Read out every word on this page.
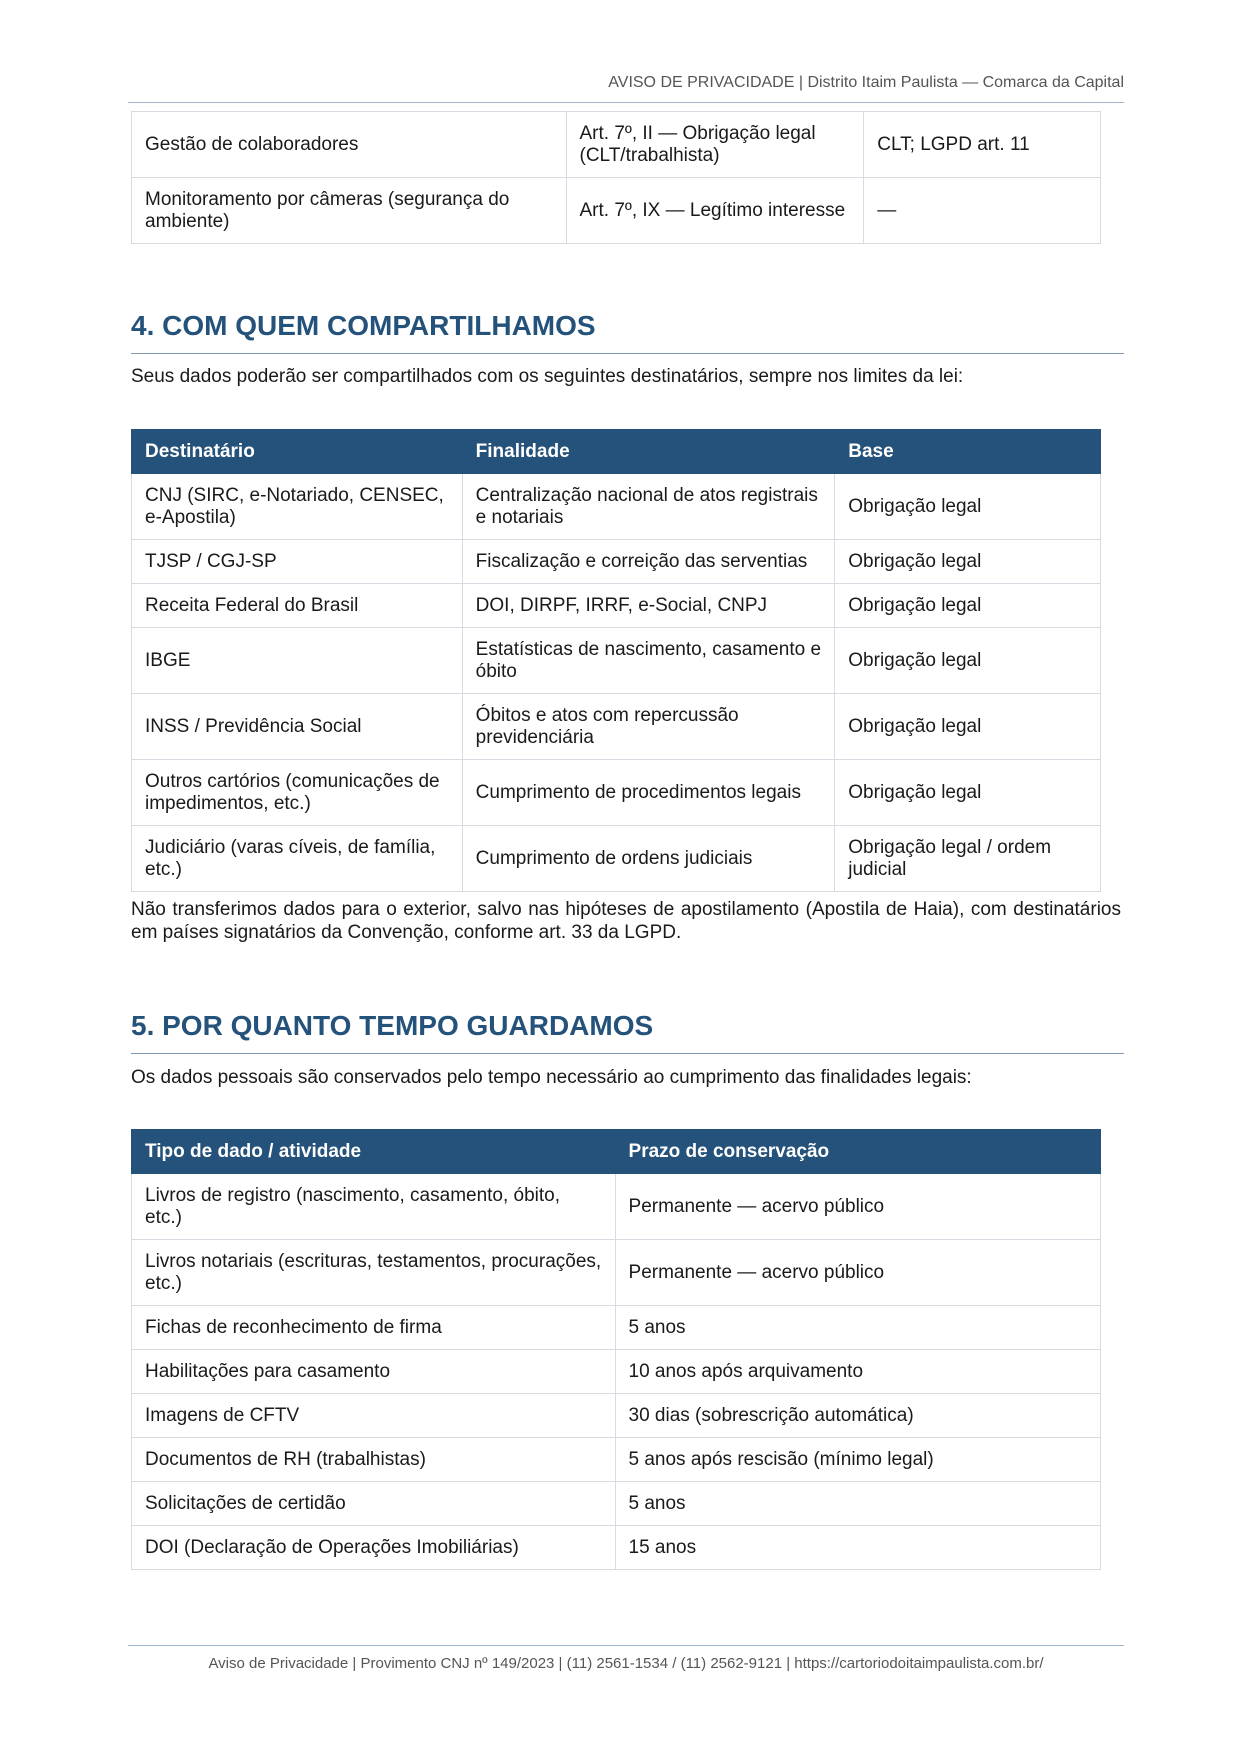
AVISO DE PRIVACIDADE | Distrito Itaim Paulista — Comarca da Capital
Gestão de colaboradores	Art. 7º, II — Obrigação legal (CLT/trabalhista)	CLT; LGPD art. 11
Monitoramento por câmeras (segurança do ambiente)	Art. 7º, IX — Legítimo interesse	—
4. COM QUEM COMPARTILHAMOS
Seus dados poderão ser compartilhados com os seguintes destinatários, sempre nos limites da lei:
Destinatário	Finalidade	Base
CNJ (SIRC, e-Notariado, CENSEC, e-Apostila)	Centralização nacional de atos registrais e notariais	Obrigação legal
TJSP / CGJ-SP	Fiscalização e correição das serventias	Obrigação legal
Receita Federal do Brasil	DOI, DIRPF, IRRF, e-Social, CNPJ	Obrigação legal
IBGE	Estatísticas de nascimento, casamento e óbito	Obrigação legal
INSS / Previdência Social	Óbitos e atos com repercussão previdenciária	Obrigação legal
Outros cartórios (comunicações de impedimentos, etc.)	Cumprimento de procedimentos legais	Obrigação legal
Judiciário (varas cíveis, de família, etc.)	Cumprimento de ordens judiciais	Obrigação legal / ordem judicial
Não transferimos dados para o exterior, salvo nas hipóteses de apostilamento (Apostila de Haia), com destinatários em países signatários da Convenção, conforme art. 33 da LGPD.
5. POR QUANTO TEMPO GUARDAMOS
Os dados pessoais são conservados pelo tempo necessário ao cumprimento das finalidades legais:
Tipo de dado / atividade	Prazo de conservação
Livros de registro (nascimento, casamento, óbito, etc.)	Permanente — acervo público
Livros notariais (escrituras, testamentos, procurações, etc.)	Permanente — acervo público
Fichas de reconhecimento de firma	5 anos
Habilitações para casamento	10 anos após arquivamento
Imagens de CFTV	30 dias (sobrescrição automática)
Documentos de RH (trabalhistas)	5 anos após rescisão (mínimo legal)
Solicitações de certidão	5 anos
DOI (Declaração de Operações Imobiliárias)	15 anos
Aviso de Privacidade | Provimento CNJ nº 149/2023 | (11) 2561-1534 / (11) 2562-9121 | https://cartoriodoitaimpaulista.com.br/
